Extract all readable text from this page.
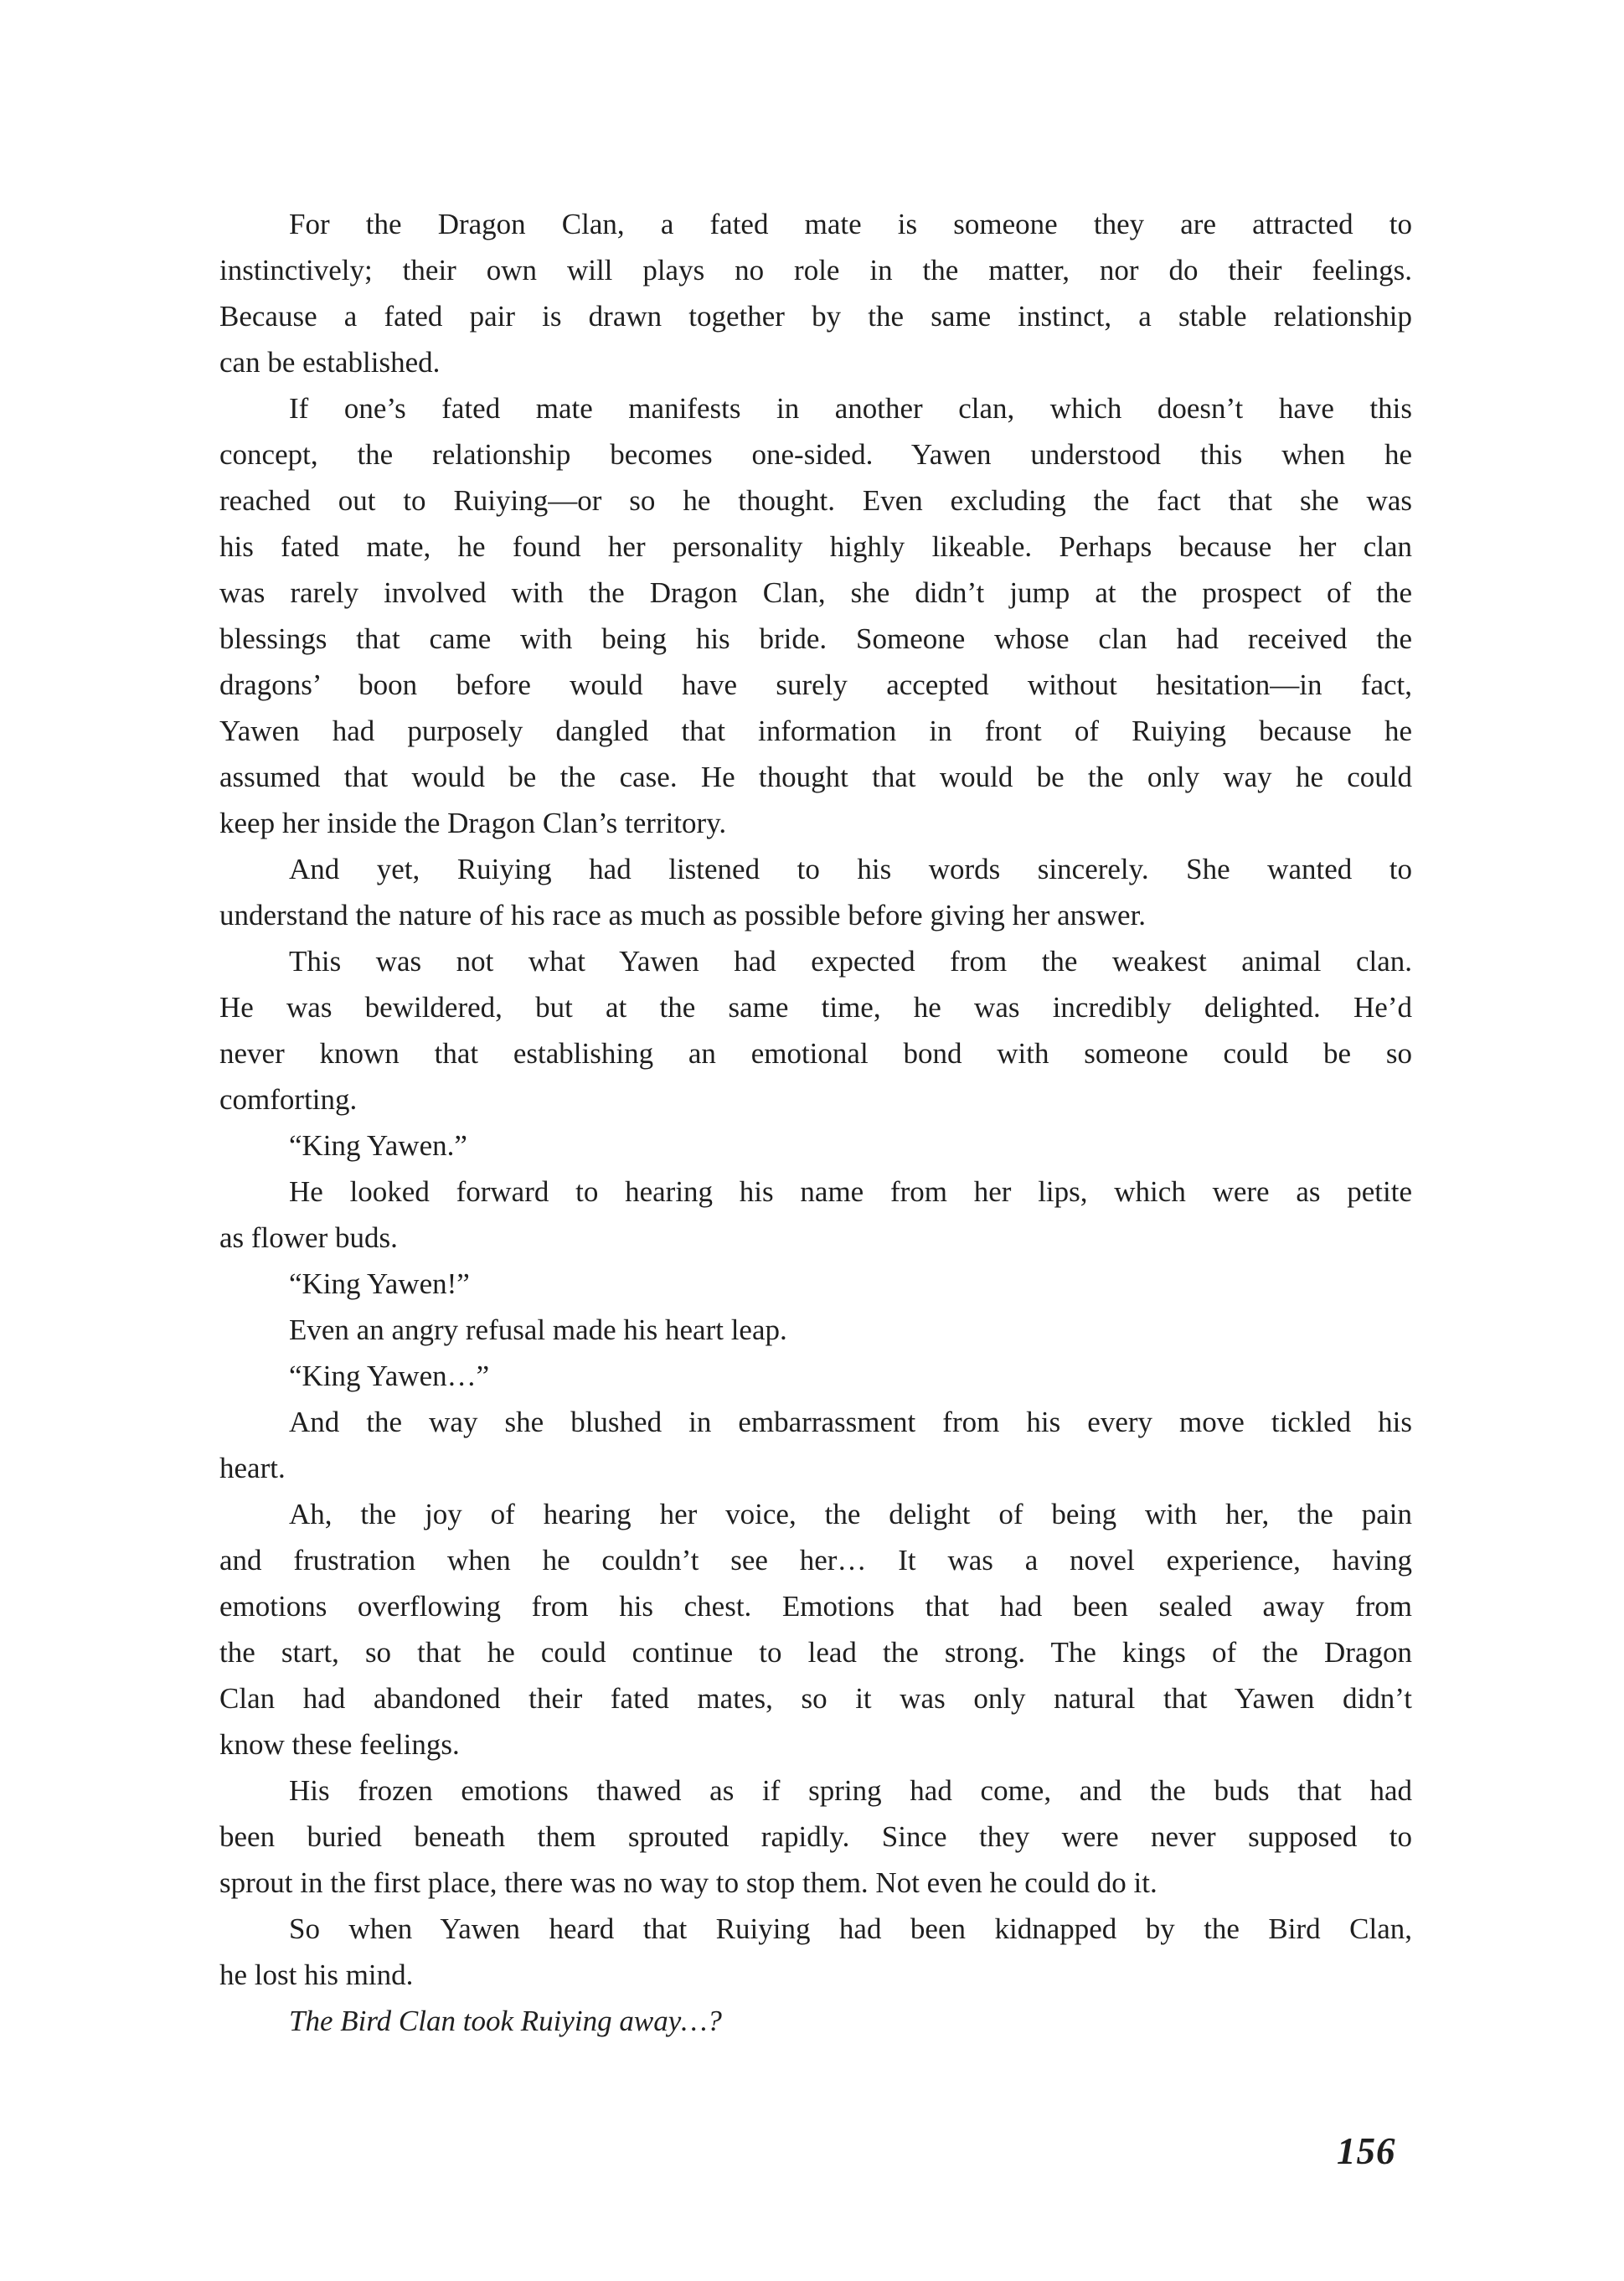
For the Dragon Clan, a fated mate is someone they are attracted to
instinctively; their own will plays no role in the matter, nor do their feelings.
Because a fated pair is drawn together by the same instinct, a stable relationship
can be established.
If one’s fated mate manifests in another clan, which doesn’t have this
concept, the relationship becomes one-sided. Yawen understood this when he
reached out to Ruiying—or so he thought. Even excluding the fact that she was
his fated mate, he found her personality highly likeable. Perhaps because her clan
was rarely involved with the Dragon Clan, she didn’t jump at the prospect of the
blessings that came with being his bride. Someone whose clan had received the
dragons’ boon before would have surely accepted without hesitation—in fact,
Yawen had purposely dangled that information in front of Ruiying because he
assumed that would be the case. He thought that would be the only way he could
keep her inside the Dragon Clan’s territory.
And yet, Ruiying had listened to his words sincerely. She wanted to
understand the nature of his race as much as possible before giving her answer.
This was not what Yawen had expected from the weakest animal clan.
He was bewildered, but at the same time, he was incredibly delighted. He’d
never known that establishing an emotional bond with someone could be so
comforting.
“King Yawen.”
He looked forward to hearing his name from her lips, which were as petite
as flower buds.
“King Yawen!”
Even an angry refusal made his heart leap.
“King Yawen…”
And the way she blushed in embarrassment from his every move tickled his
heart.
Ah, the joy of hearing her voice, the delight of being with her, the pain
and frustration when he couldn’t see her… It was a novel experience, having
emotions overflowing from his chest. Emotions that had been sealed away from
the start, so that he could continue to lead the strong. The kings of the Dragon
Clan had abandoned their fated mates, so it was only natural that Yawen didn’t
know these feelings.
His frozen emotions thawed as if spring had come, and the buds that had
been buried beneath them sprouted rapidly. Since they were never supposed to
sprout in the first place, there was no way to stop them. Not even he could do it.
So when Yawen heard that Ruiying had been kidnapped by the Bird Clan,
he lost his mind.
The Bird Clan took Ruiying away…?
156
